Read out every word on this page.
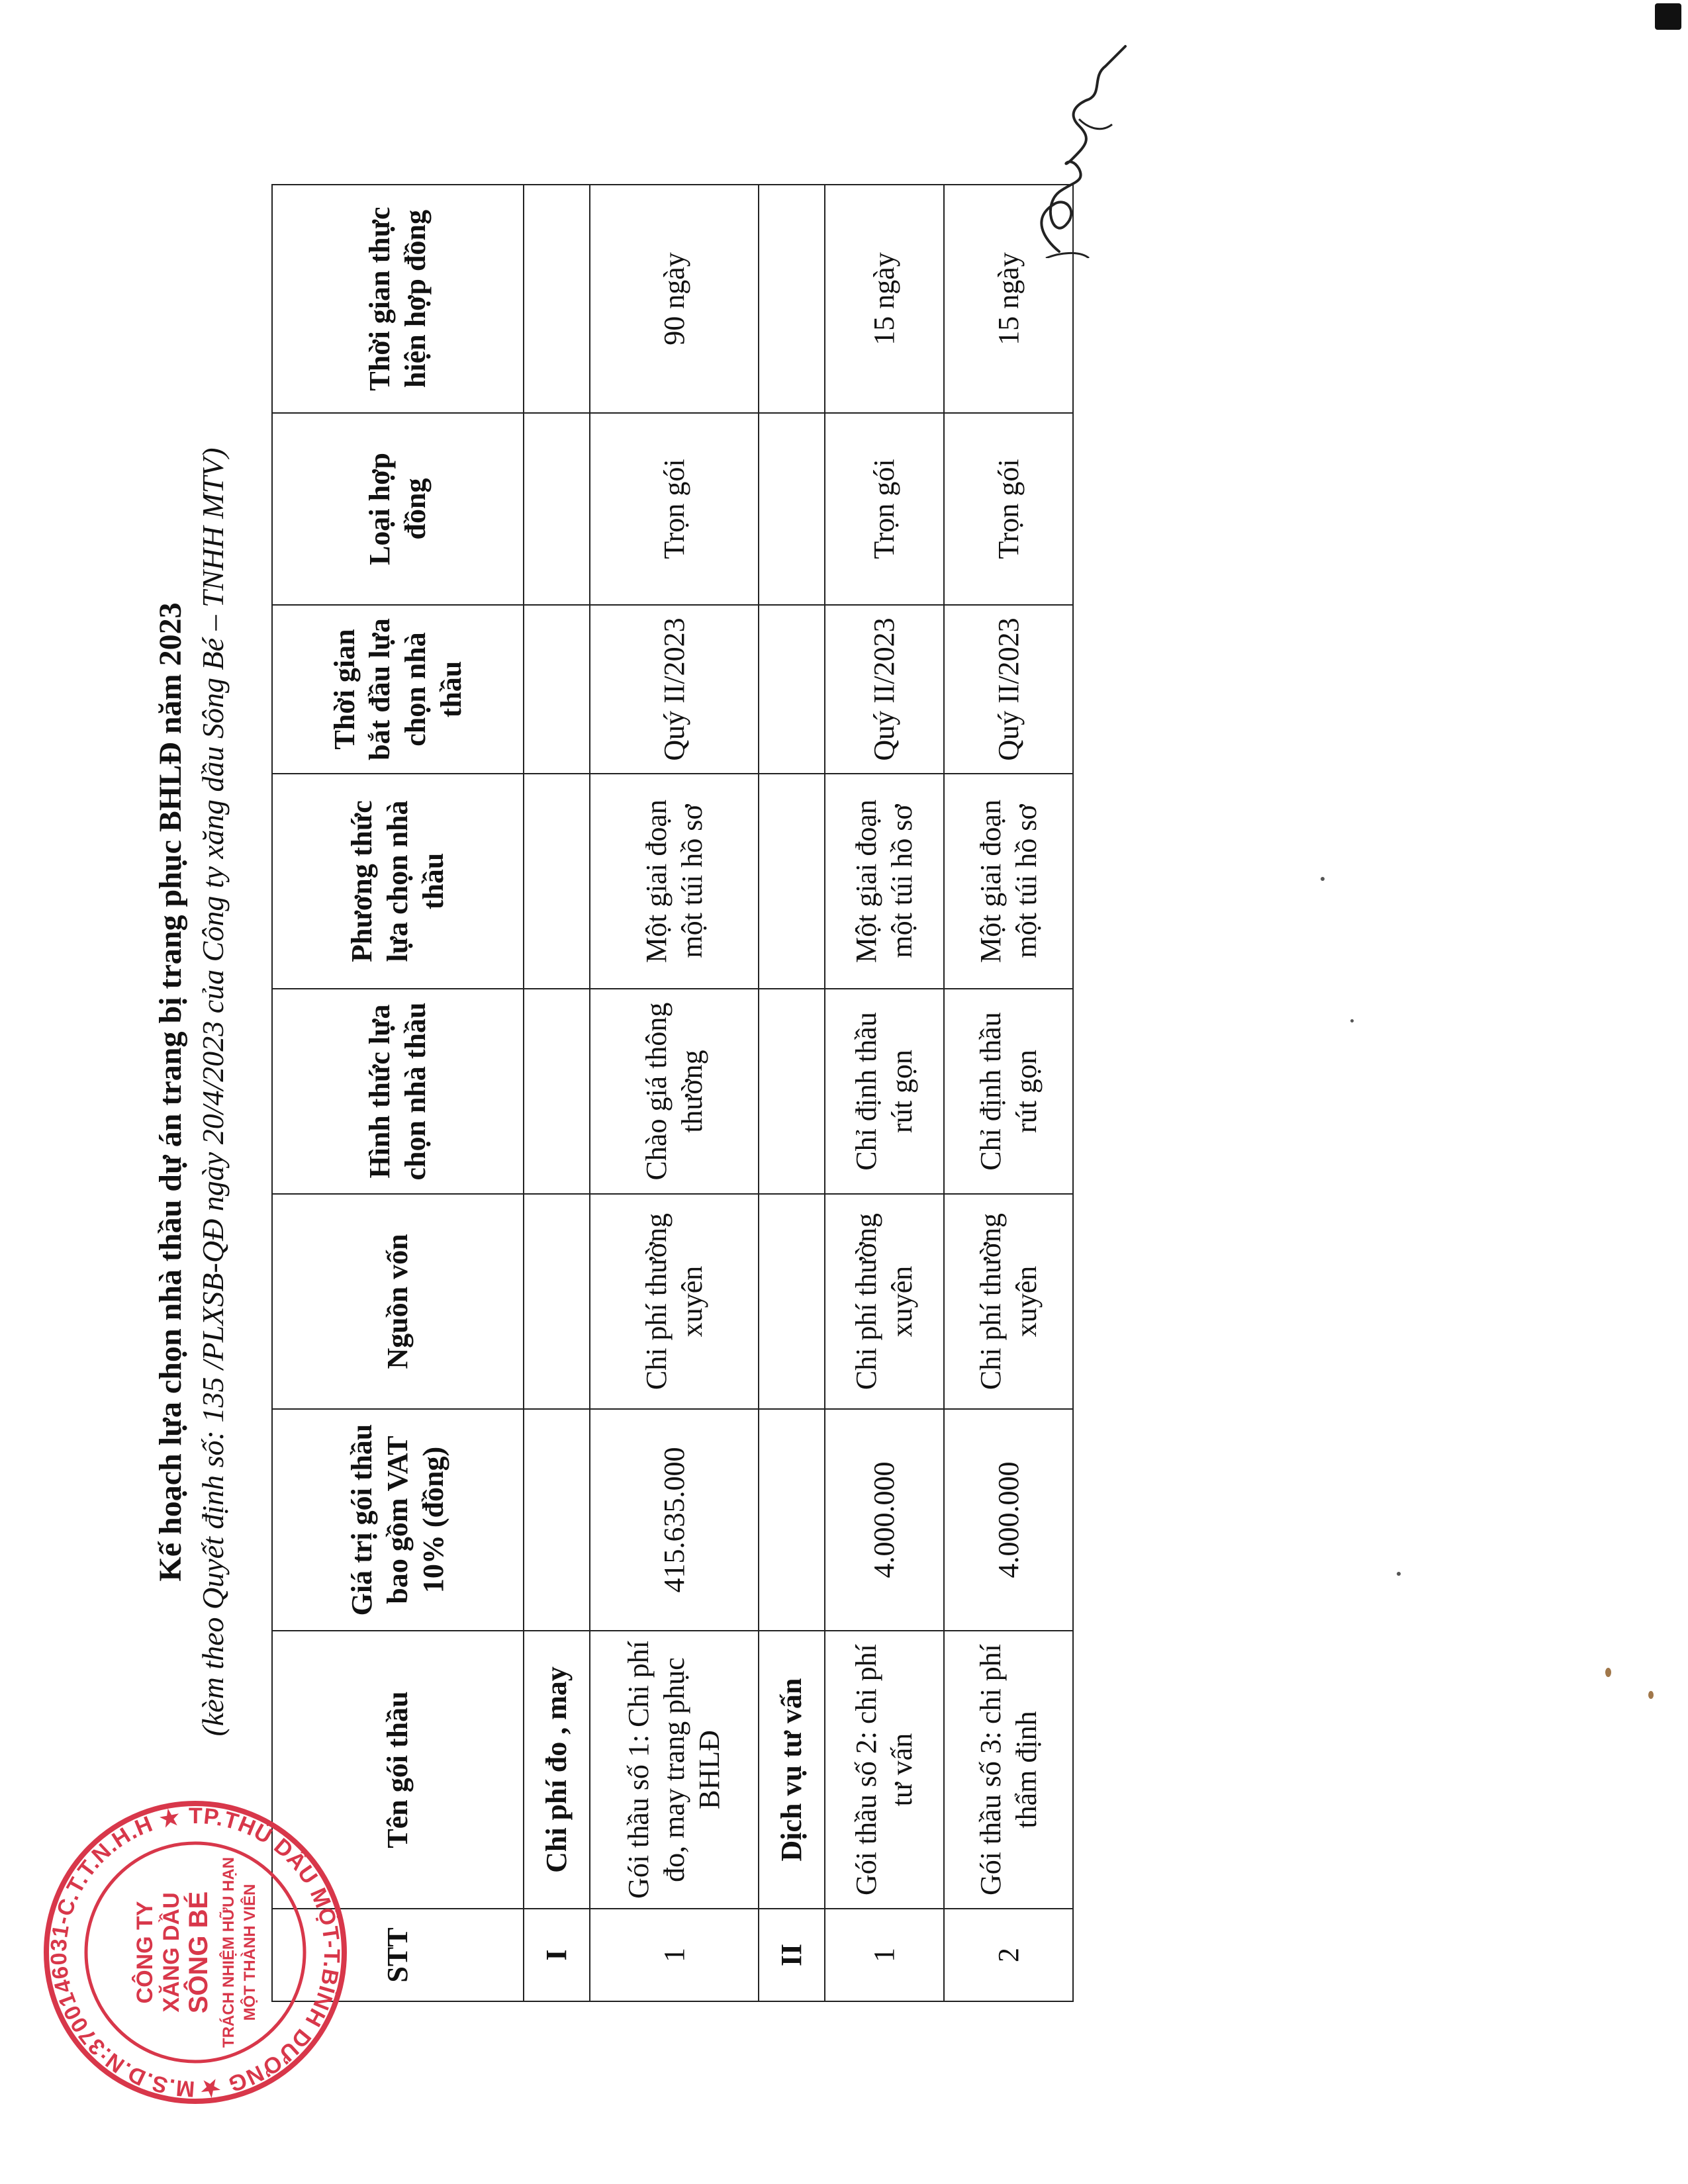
Kế hoạch lựa chọn nhà thầu dự án trang bị trang phục BHLĐ năm 2023 (kèm theo Quyết định số: 135 /PLXSB-QĐ ngày 20/4/2023 của Công ty xăng dầu Sông Bé – TNHH MTV)
STT	Tên gói thầu	Giá trị gói thầu bao gồm VAT 10% (đồng)	Nguồn vốn	Hình thức lựa chọn nhà thầu	Phương thức lựa chọn nhà thầu	Thời gian bắt đầu lựa chọn nhà thầu	Loại hợp đồng	Thời gian thực hiện hợp đồng
I	Chi phí đo , may							
1	Gói thầu số 1: Chi phí đo, may trang phục BHLĐ	415.635.000	Chi phí thường xuyên	Chào giá thông thường	Một giai đoạn một túi hồ sơ	Quý II/2023	Trọn gói	90 ngày
II	Dịch vụ tư vấn							
1	Gói thầu số 2: chi phí tư vấn	4.000.000	Chi phí thường xuyên	Chỉ định thầu rút gọn	Một giai đoạn một túi hồ sơ	Quý II/2023	Trọn gói	15 ngày
2	Gói thầu số 3: chi phí thẩm định	4.000.000	Chi phí thường xuyên	Chỉ định thầu rút gọn	Một giai đoạn một túi hồ sơ	Quý II/2023	Trọn gói	15 ngày
M.S.D.N:3700146031-C.T.T.N.H.H ★ TP.THỦ DẦU MỘT-T.BÌNH DƯƠNG ★
CÔNG TY XĂNG DẦU SÔNG BÉ TRÁCH NHIỆM HỮU HẠN MỘT THÀNH VIÊN
